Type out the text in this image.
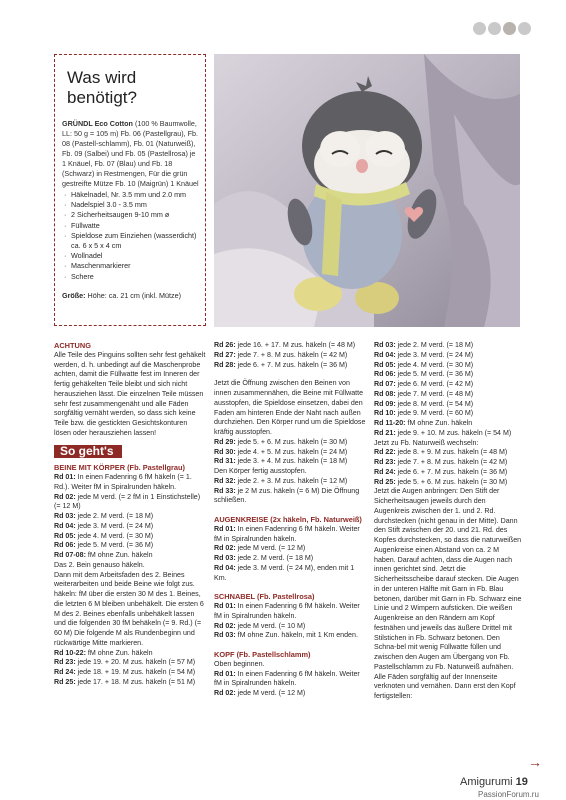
Was wird benötigt?
GRÜNDL Eco Cotton (100 % Baumwolle, LL: 50 g = 105 m) Fb. 06 (Pastellgrau), Fb. 08 (Pastell-schlamm), Fb. 01 (Naturweiß), Fb. 09 (Salbei) und Fb. 05 (Pastellrosa) je 1 Knäuel, Fb. 07 (Blau) und Fb. 18 (Schwarz) in Restmengen, Für die grün gestreifte Mütze Fb. 10 (Maigrün) 1 Knäuel
· Häkelnadel, Nr. 3.5 mm und 2.0 mm
· Nadelspiel 3.0 - 3.5 mm
· 2 Sicherheitsaugen 9-10 mm ø
· Füllwatte
· Spieldose zum Einziehen (wasserdicht) ca. 6 x 5 x 4 cm
· Wollnadel
· Maschenmarkierer
· Schere
Größe: Höhe: ca. 21 cm (inkl. Mütze)
ACHTUNG

Alle Teile des Pinguins sollten sehr fest gehäkelt werden, d. h. unbedingt auf die Maschenprobe achten, damit die Füllwatte fest im Inneren der fertig gehäkelten Teile bleibt und sich nicht herausziehen lässt. Die einzelnen Teile müssen sehr fest zusammengenäht und alle Fäden sorgfältig vernäht werden, so dass sich keine Teile bzw. die gestickten Gesichtskonturen lösen oder herausziehen lassen!

So geht's
BEINE MIT KÖRPER (Fb. Pastellgrau)

Rd 01: In einen Fadenring 6 fM häkeln (= 1. Rd.). Weiter fM in Spiralrunden häkeln.

Rd 02: jede M verd. (= 2 fM in 1 Einstichstelle) (= 12 M)

Rd 03: jede 2. M verd. (= 18 M)

Rd 04: jede 3. M verd. (= 24 M)

Rd 05: jede 4. M verd. (= 30 M)

Rd 06: jede 5. M verd. (= 36 M)

Rd 07-08: fM ohne Zun. häkeln

Das 2. Bein genauso häkeln.

Dann mit dem Arbeitsfaden des 2. Beines weiterarbeiten und beide Beine wie folgt zus. häkeln: fM über die ersten 30 M des 1. Beines, die letzten 6 M bleiben unbehäkelt. Die ersten 6 M des 2. Beines ebenfalls unbehäkelt lassen und die folgenden 30 fM behäkeln (= 9. Rd.) (= 60 M) Die folgende M als Rundenbeginn und rückwärtige Mitte markieren.

Rd 10-22: fM ohne Zun. häkeln

Rd 23: jede 19. + 20. M zus. häkeln (= 57 M)

Rd 24: jede 18. + 19. M zus. häkeln (= 54 M)

Rd 25: jede 17. + 18. M zus. häkeln (= 51 M)

Rd 26: jede 16. + 17. M zus. häkeln (= 48 M)

Rd 27: jede 7. + 8. M zus. häkeln (= 42 M)

Rd 28: jede 6. + 7. M zus. häkeln (= 36 M)

Jetzt die Öffnung zwischen den Beinen von innen zusammennähen, die Beine mit Füllwatte ausstopfen, die Spieldose einsetzen, dabei den Faden am hinteren Ende der Naht nach außen durchziehen. Den Körper rund um die Spieldose kräftig ausstopfen.

Rd 29: jede 5. + 6. M zus. häkeln (= 30 M)

Rd 30: jede 4. + 5. M zus. häkeln (= 24 M)

Rd 31: jede 3. + 4. M zus. häkeln (= 18 M)

Den Körper fertig ausstopfen.

Rd 32: jede 2. + 3. M zus. häkeln (= 12 M)

Rd 33: je 2 M zus. häkeln (= 6 M) Die Öffnung schließen.

AUGENKREISE (2x häkeln, Fb. Naturweiß)

Rd 01: In einen Fadenring 6 fM häkeln. Weiter fM in Spiralrunden häkeln.

Rd 02: jede M verd. (= 12 M)

Rd 03: jede 2. M verd. (= 18 M)

Rd 04: jede 3. M verd. (= 24 M), enden mit 1 Km.

SCHNABEL (Fb. Pastellrosa)

Rd 01: In einen Fadenring 6 fM häkeln. Weiter fM in Spiralrunden häkeln.

Rd 02: jede M verd. (= 10 M)

Rd 03: fM ohne Zun. häkeln, mit 1 Km enden.

KOPF (Fb. Pastellschlamm)

Oben beginnen.

Rd 01: In einen Fadenring 6 fM häkeln. Weiter fM in Spiralrunden häkeln.

Rd 02: jede M verd. (= 12 M)

Rd 03: jede 2. M verd. (= 18 M)

Rd 04: jede 3. M verd. (= 24 M)

Rd 05: jede 4. M verd. (= 30 M)

Rd 06: jede 5. M verd. (= 36 M)

Rd 07: jede 6. M verd. (= 42 M)

Rd 08: jede 7. M verd. (= 48 M)

Rd 09: jede 8. M verd. (= 54 M)

Rd 10: jede 9. M verd. (= 60 M)

Rd 11-20: fM ohne Zun. häkeln

Rd 21: jede 9. + 10. M zus. häkeln (= 54 M)

Jetzt zu Fb. Naturweiß wechseln:

Rd 22: jede 8. + 9. M zus. häkeln (= 48 M)

Rd 23: jede 7. + 8. M zus. häkeln (= 42 M)

Rd 24: jede 6. + 7. M zus. häkeln (= 36 M)

Rd 25: jede 5. + 6. M zus. häkeln (= 30 M)

Jetzt die Augen anbringen: Den Stift der Sicherheitsaugen jeweils durch den Augenkreis zwischen der 1. und 2. Rd. durchstecken (nicht genau in der Mitte). Dann den Stift zwischen der 20. und 21. Rd. des Kopfes durchstecken, so dass die naturweißen Augenkreise einen Abstand von ca. 2 M haben. Darauf achten, dass die Augen nach innen gerichtet sind. Jetzt die Sicherheitsscheibe darauf stecken. Die Augen in der unteren Hälfte mit Garn in Fb. Blau betonen, darüber mit Garn in Fb. Schwarz eine Linie und 2 Wimpern aufsticken. Die weißen Augenkreise an den Rändern am Kopf festnähen und jeweils das äußere Drittel mit Stilstichen in Fb. Schwarz betonen. Den Schna-bel mit wenig Füllwatte füllen und zwischen den Augen am Übergang von Fb. Pastellschlamm zu Fb. Naturweiß aufnähen. Alle Fäden sorgfältig auf der Innenseite verknoten und vernähen. Dann erst den Kopf fertigstellen:

→
Amigurumi 19
PassionForum.ru
